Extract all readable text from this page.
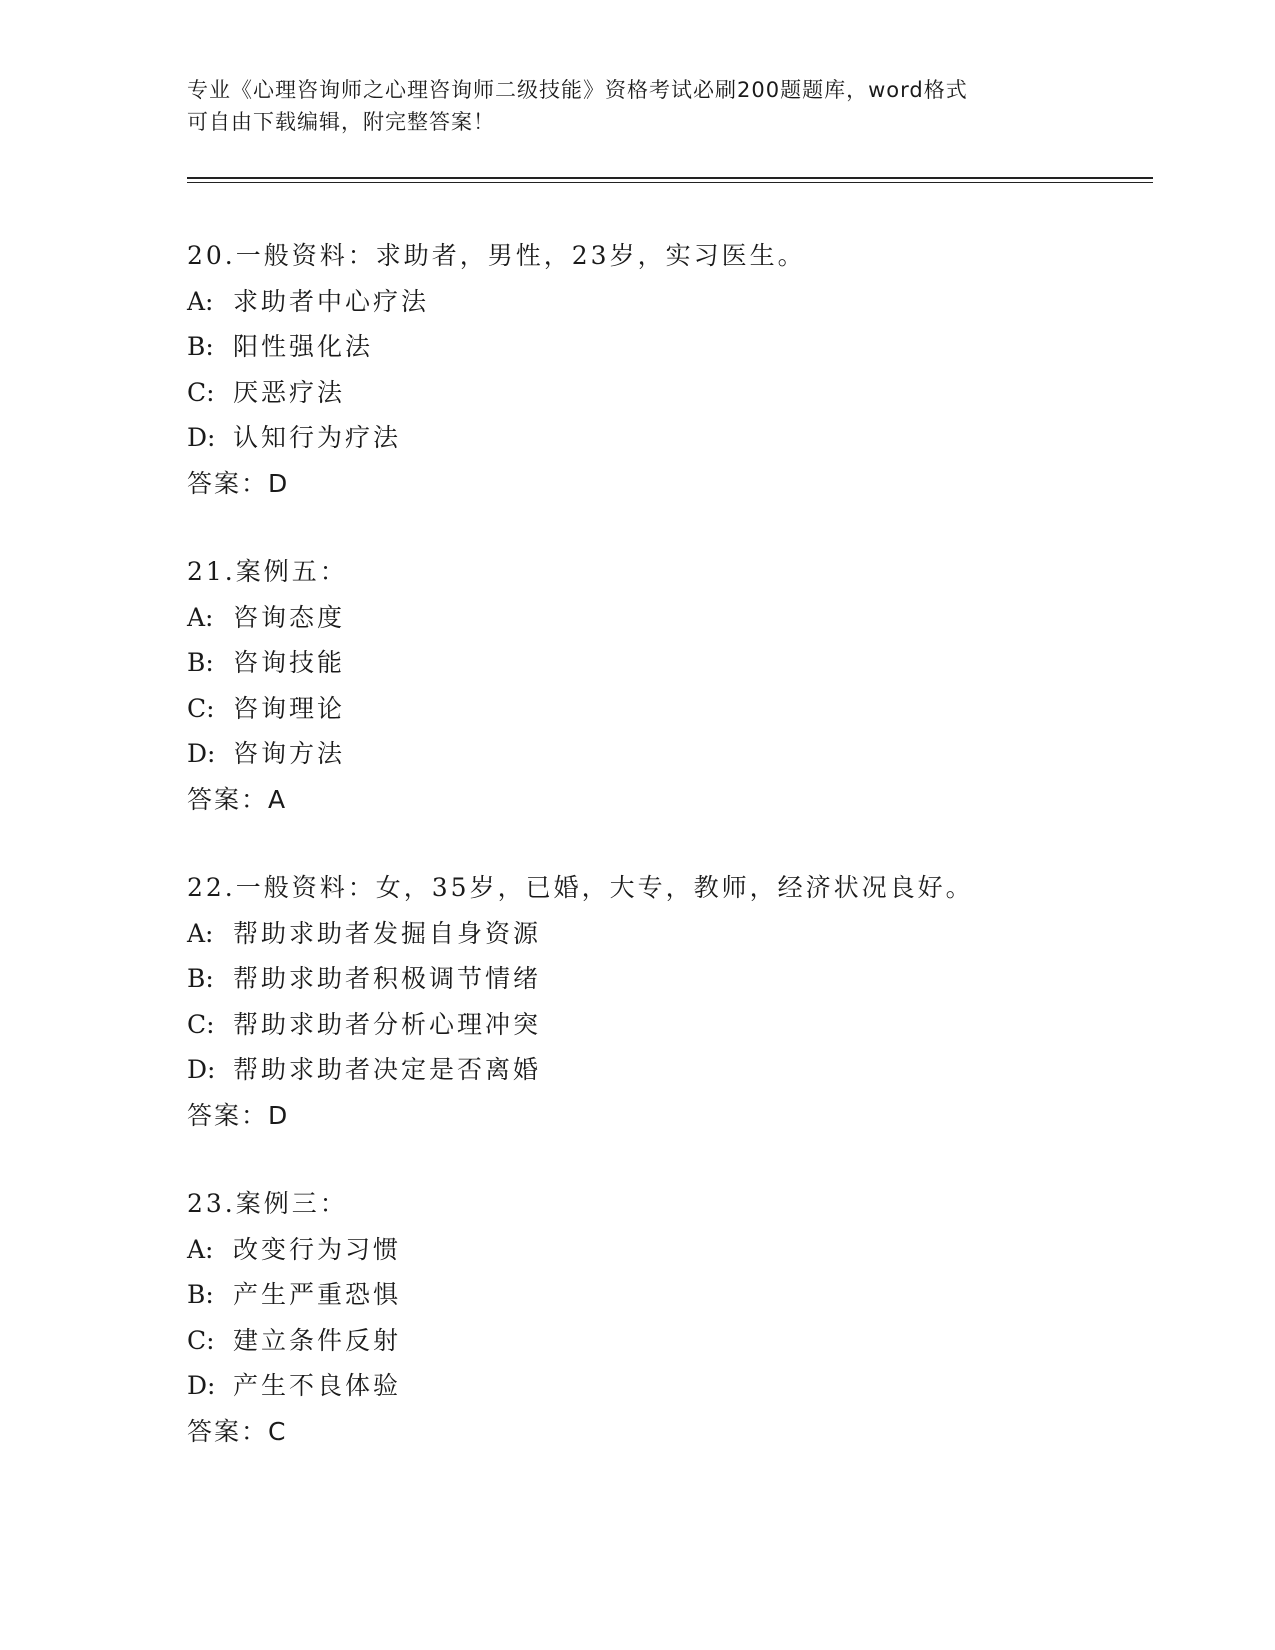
专业《心理咨询师之心理咨询师二级技能》资格考试必刷200题题库，word格式
可自由下载编辑，附完整答案！
20.一般资料：求助者，男性，23岁，实习医生。
A: 求助者中心疗法
B: 阳性强化法
C: 厌恶疗法
D: 认知行为疗法
答案：D
21.案例五：
A: 咨询态度
B: 咨询技能
C: 咨询理论
D: 咨询方法
答案：A
22.一般资料：女，35岁，已婚，大专，教师，经济状况良好。
A: 帮助求助者发掘自身资源
B: 帮助求助者积极调节情绪
C: 帮助求助者分析心理冲突
D: 帮助求助者决定是否离婚
答案：D
23.案例三：
A: 改变行为习惯
B: 产生严重恐惧
C: 建立条件反射
D: 产生不良体验
答案：C
